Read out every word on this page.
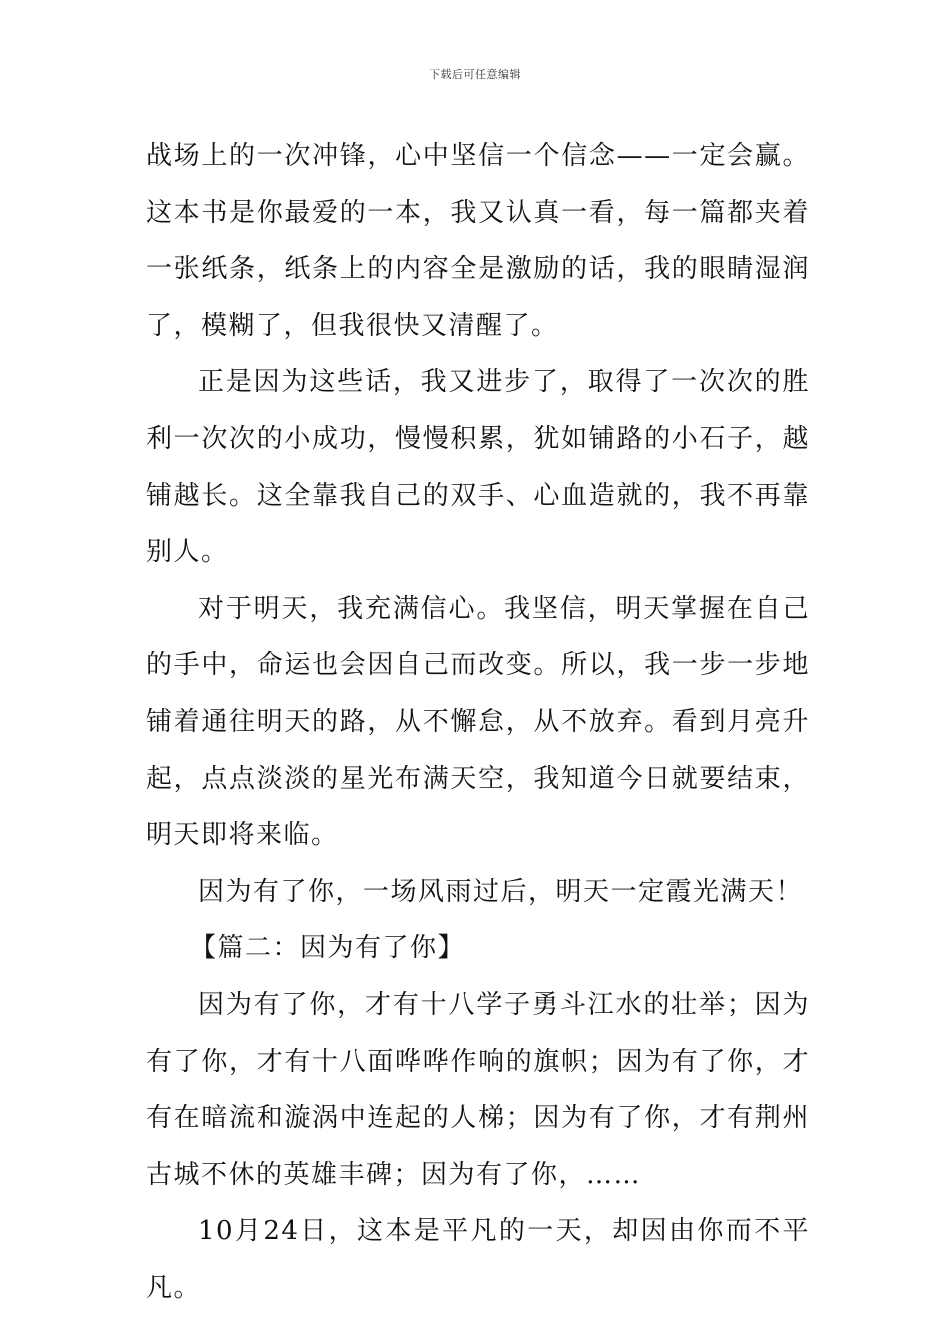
下载后可任意编辑

战场上的一次冲锋，心中坚信一个信念——一定会赢。这本书是你最爱的一本，我又认真一看，每一篇都夹着一张纸条，纸条上的内容全是激励的话，我的眼睛湿润了，模糊了，但我很快又清醒了。

正是因为这些话，我又进步了，取得了一次次的胜利一次次的小成功，慢慢积累，犹如铺路的小石子，越铺越长。这全靠我自己的双手、心血造就的，我不再靠别人。

对于明天，我充满信心。我坚信，明天掌握在自己的手中，命运也会因自己而改变。所以，我一步一步地铺着通往明天的路，从不懈怠，从不放弃。看到月亮升起，点点淡淡的星光布满天空，我知道今日就要结束，明天即将来临。

因为有了你，一场风雨过后，明天一定霞光满天！

【篇二：因为有了你】

因为有了你，才有十八学子勇斗江水的壮举；因为有了你，才有十八面哗哗作响的旗帜；因为有了你，才有在暗流和漩涡中连起的人梯；因为有了你，才有荆州古城不休的英雄丰碑；因为有了你，……

10月24日，这本是平凡的一天，却因由你而不平凡。
